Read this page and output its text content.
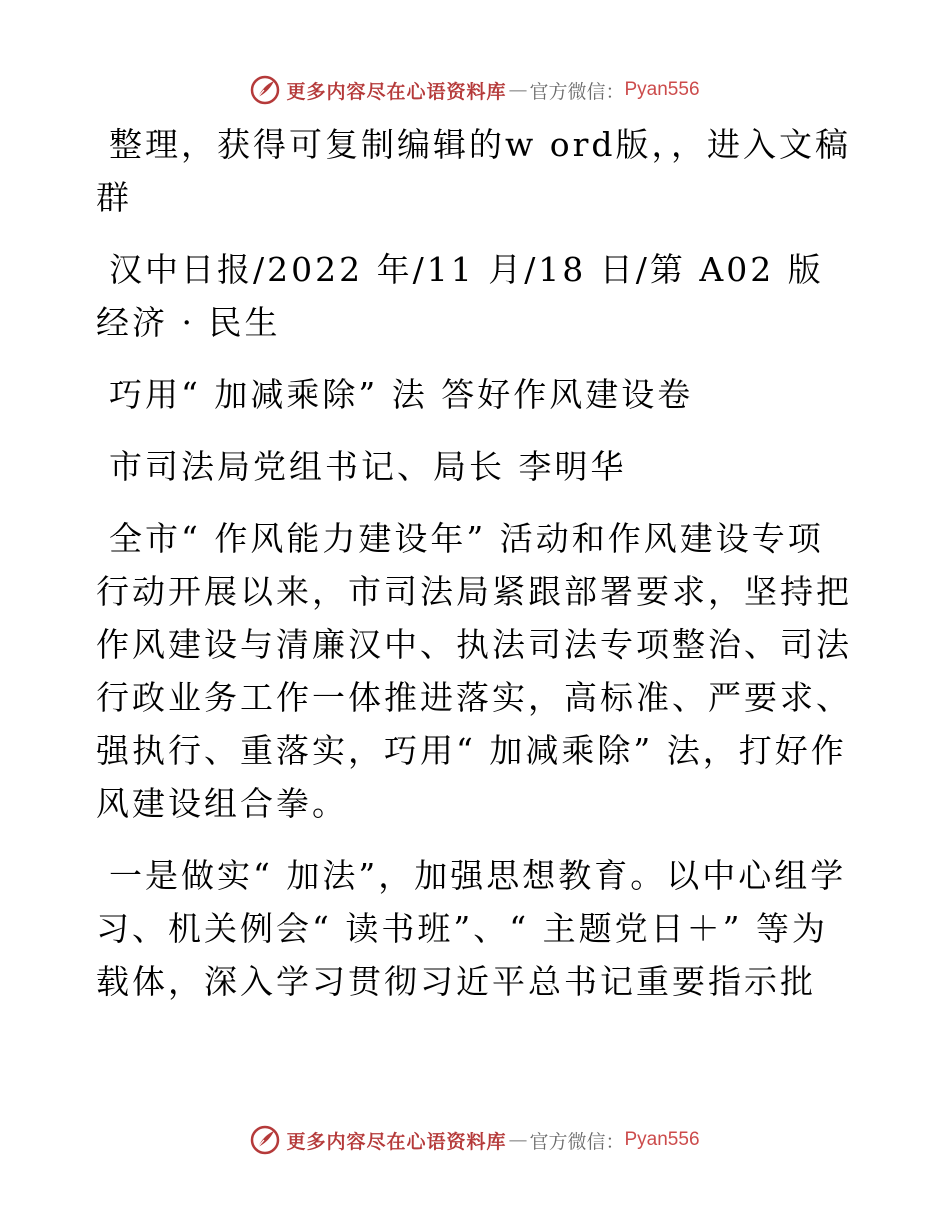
更多内容尽在心语资料库 — 官方微信： Pyan556

整理，获得可复制编辑的w ord版，，进入文稿群

汉中日报/2022 年/11 月/18 日/第 A02 版经济 · 民生

巧用“ 加减乘除” 法 答好作风建设卷

市司法局党组书记、局长 李明华

全市“ 作风能力建设年” 活动和作风建设专项行动开展以来，市司法局紧跟部署要求，坚持把作风建设与清廉汉中、执法司法专项整治、司法行政业务工作一体推进落实，高标准、严要求、强执行、重落实，巧用“ 加减乘除” 法，打好作风建设组合拳。

一是做实“ 加法”，加强思想教育。以中心组学习、机关例会“ 读书班”、“ 主题党日＋” 等为载体，深入学习贯彻习近平总书记重要指示批

更多内容尽在心语资料库 — 官方微信： Pyan556
